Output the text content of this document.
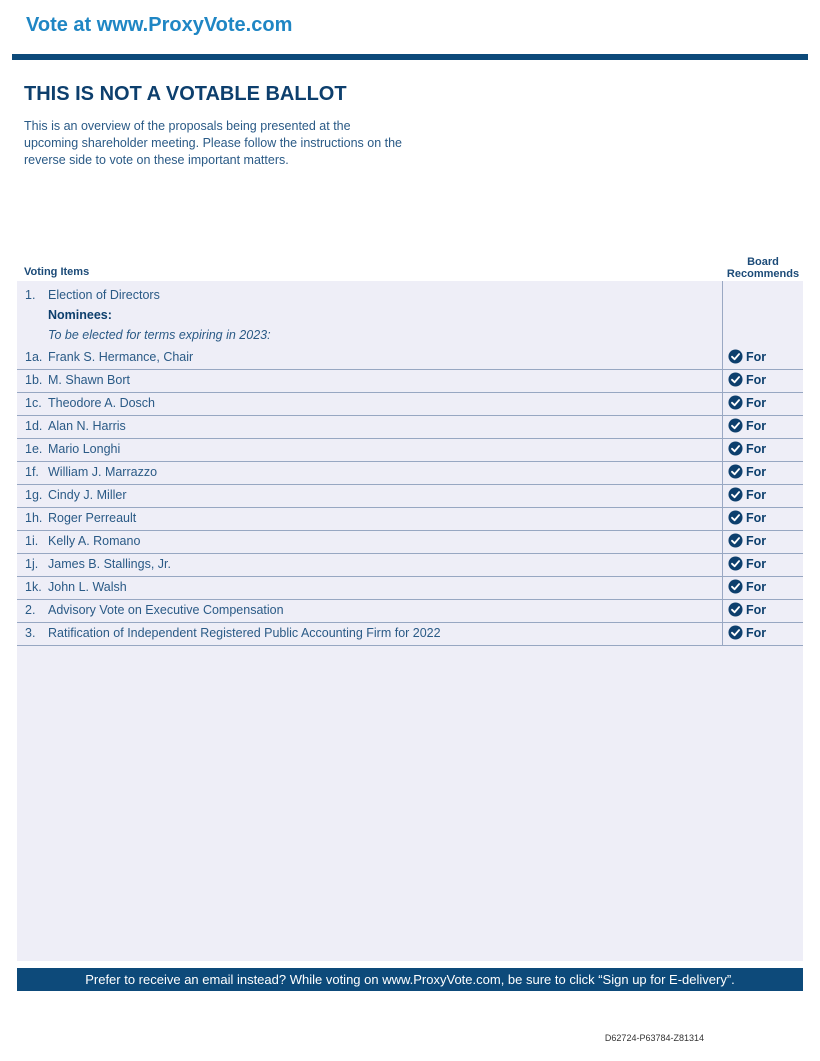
Vote at www.ProxyVote.com
THIS IS NOT A VOTABLE BALLOT
This is an overview of the proposals being presented at the upcoming shareholder meeting. Please follow the instructions on the reverse side to vote on these important matters.
Voting Items
Board
Recommends
1. Election of Directors
Nominees:
To be elected for terms expiring in 2023:
1a. Frank S. Hermance, Chair	For
1b. M. Shawn Bort	For
1c. Theodore A. Dosch	For
1d. Alan N. Harris	For
1e. Mario Longhi	For
1f. William J. Marrazzo	For
1g. Cindy J. Miller	For
1h. Roger Perreault	For
1i. Kelly A. Romano	For
1j. James B. Stallings, Jr.	For
1k. John L. Walsh	For
2. Advisory Vote on Executive Compensation	For
3. Ratification of Independent Registered Public Accounting Firm for 2022	For
Prefer to receive an email instead? While voting on www.ProxyVote.com, be sure to click “Sign up for E-delivery”.
D62724-P63784-Z81314
